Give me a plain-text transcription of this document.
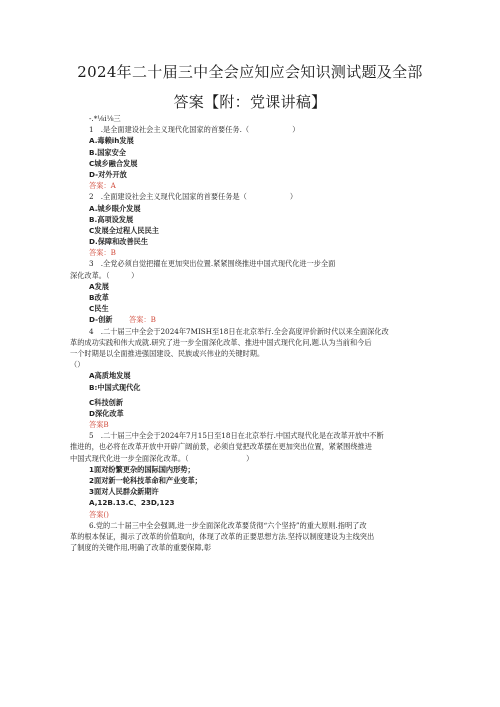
2024年二十届三中全会应知应会知识测试题及全部
答案【附：党课讲稿】
-.*⅛i⅛三
1　.是全面建设社会主义现代化国家的首要任务.（　　　　　　）
A.毒赖ih发展
B.国家安全
C城乡融合发展
D-对外开放
答案：A
2　.全面建设社会主义现代化国家的首要任务是（　　　　　　）
A.城乡眼介发展
B.高项设发展
C发展全过程人民民主
D.保障和改善民生
答案：B
3　.全党必须自觉把擢在更加突出位置.紧紧围绕推进中国式现代化进一步全面
深化改革。（　　　）
A发展
B改革
C民生
D-创新	答案：B
4　.二十届三中全会于2024年7MISH至18日在北京举行.全会高度评价新时代以来全面深化改
革的成功实践和伟大成就.研究了进一步全面深化改革、推进中国式现代化问,题.认为当前和今后
一个时期是以全面推进强国建设、民族或兴伟业的关键时期。
（）
A高质地发展
B:中国式现代化
C科技创新
D深化改革
答案B
5　.二十届三中全会于2024年7月15日至18日在北京举行.中国式现代化是在改革开放中不断
推进的，也必将在改革开放中开辟广阔前景，必须自觉把改革摆在更加突出位置，紧紧围绕推进
中国式现代化进一步全面深化改革。（　　　　　　　　）
1面对纷繁更杂的国际国内形势；
2面对新一轮科技革命和产业变革；
3面对人民群众新期许
A,12B.13.C、23D,123
答案()
6.党的二十届三中全会强调,进一步全面深化改革要货彻“六个坚持”的重大原则.指明了改
革的根本保证，揭示了改革的价值取向，体现了改革的正要思想方法.坚持以制度建设为主线突出
了制度的关键作用,明确了改革的重要保障,彰
